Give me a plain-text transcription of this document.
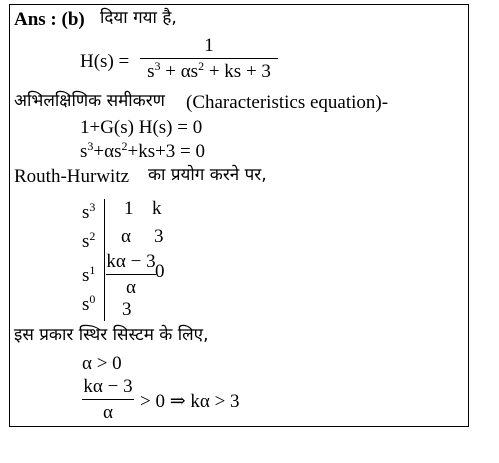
Ans : (b) दिया गया है,
H(s) =
1
$s^3 + \alpha s^2$ + ks + 3
अभिलक्षिणिक समीकरण (Characteristics equation)-
1+G(s) H(s) = 0
$s^3+\alpha s^2+ks+3 = 0$
Routh-Hurwitz का प्रयोग करने पर,
$s^3$
$s^2$
$s^1$
$s^0$
1 k
α 3
kα − 3
α
0
3
इस प्रकार स्थिर सिस्टम के लिए,
α > 0
kα − 3
α
> 0 ⇒ kα > 3
